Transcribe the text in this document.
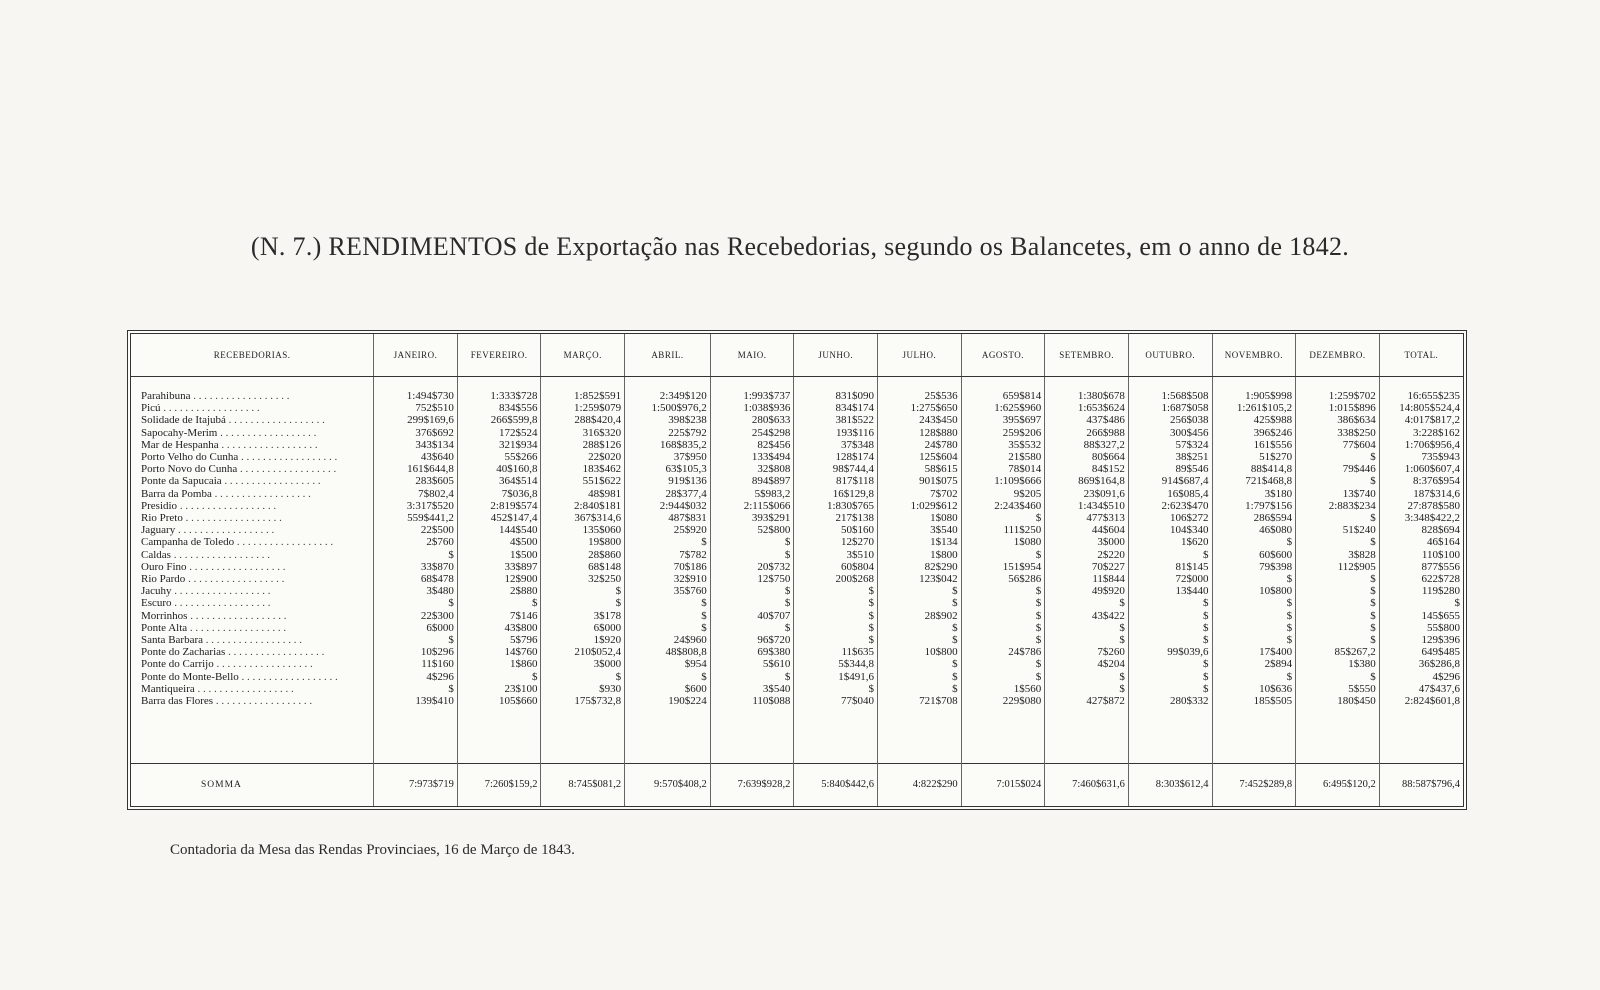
(N. 7.) RENDIMENTOS de Exportação nas Recebedorias, segundo os Balancetes, em o anno de 1842.
RECEBEDORIAS.	JANEIRO.	FEVEREIRO.	MARÇO.	ABRIL.	MAIO.	JUNHO.	JULHO.	AGOSTO.	SETEMBRO.	OUTUBRO.	NOVEMBRO.	DEZEMBRO.	TOTAL.

Parahibuna . . .	1:494$730	1:333$728	1:852$591	2:349$120	1:993$737	831$090	25$536	659$814	1:380$678	1:568$508	1:905$998	1:259$702	16:655$235
Picú . . .	752$510	834$556	1:259$079	1:500$976,2	1:038$936	834$174	1:275$650	1:625$960	1:653$624	1:687$058	1:261$105,2	1:015$896	14:805$524,4
Solidade de Itajubá . . .	299$169,6	266$599,8	288$420,4	398$238	280$633	381$522	243$450	395$697	437$486	256$038	425$988	386$634	4:017$817,2
Sapocahy-Merim . . .	376$692	172$524	316$320	225$792	254$298	193$116	128$880	259$206	266$988	300$456	396$246	338$250	3:228$162
Mar de Hespanha . . .	343$134	321$934	288$126	168$835,2	82$456	37$348	24$780	35$532	88$327,2	57$324	161$556	77$604	1:706$956,4
Porto Velho do Cunha . . .	43$640	55$266	22$020	37$950	133$494	128$174	125$604	21$580	80$664	38$251	51$270	$	735$943
Porto Novo do Cunha . . .	161$644,8	40$160,8	183$462	63$105,3	32$808	98$744,4	58$615	78$014	84$152	89$546	88$414,8	79$446	1:060$607,4
Ponte da Sapucaia . . .	283$605	364$514	551$622	919$136	894$897	817$118	901$075	1:109$666	869$164,8	914$687,4	721$468,8	$	8:376$954
Barra da Pomba . . .	7$802,4	7$036,8	48$981	28$377,4	5$983,2	16$129,8	7$702	9$205	23$091,6	16$085,4	3$180	13$740	187$314,6
Presidio . . .	3:317$520	2:819$574	2:840$181	2:944$032	2:115$066	1:830$765	1:029$612	2:243$460	1:434$510	2:623$470	1:797$156	2:883$234	27:878$580
Rio Preto . . .	559$441,2	452$147,4	367$314,6	487$831	393$291	217$138	1$080	$	477$313	106$272	286$594	$	3:348$422,2
Jaguary . . .	22$500	144$540	135$060	25$920	52$800	50$160	3$540	111$250	44$604	104$340	46$080	51$240	828$694
Campanha de Toledo . . .	2$760	4$500	19$800	$	$	12$270	1$134	1$080	3$000	1$620	$	$	46$164
Caldas . . .	$	1$500	28$860	7$782	$	3$510	1$800	$	2$220	$	60$600	3$828	110$100
Ouro Fino . . .	33$870	33$897	68$148	70$186	20$732	60$804	82$290	151$954	70$227	81$145	79$398	112$905	877$556
Rio Pardo . . .	68$478	12$900	32$250	32$910	12$750	200$268	123$042	56$286	11$844	72$000	$	$	622$728
Jacuhy . . .	3$480	2$880	$	35$760	$	$	$	$	49$920	13$440	10$800	$	119$280
Escuro . . .	$	$	$	$	$	$	$	$	$	$	$	$	$
Morrinhos . . .	22$300	7$146	3$178	$	40$707	$	28$902	$	43$422	$	$	$	145$655
Ponte Alta . . .	6$000	43$800	6$000	$	$	$	$	$	$	$	$	$	55$800
Santa Barbara . . .	$	5$796	1$920	24$960	96$720	$	$	$	$	$	$	$	129$396
Ponte do Zacharias . . .	10$296	14$760	210$052,4	48$808,8	69$380	11$635	10$800	24$786	7$260	99$039,6	17$400	85$267,2	649$485
Ponte do Carrijo . . .	11$160	1$860	3$000	$954	5$610	5$344,8	$	$	4$204	$	2$894	1$380	36$286,8
Ponte do Monte-Bello . . .	4$296	$	$	$	$	1$491,6	$	$	$	$	$	$	4$296
Mantiqueira . . .	$	23$100	$930	$600	3$540	$	$	1$560	$	$	10$636	5$550	47$437,6
Barra das Flores . . .	139$410	105$660	175$732,8	190$224	110$088	77$040	721$708	229$080	427$872	280$332	185$505	180$450	2:824$601,8

SOMMA	7:973$719	7:260$159,2	8:745$081,2	9:570$408,2	7:639$928,2	5:840$442,6	4:822$290	7:015$024	7:460$631,6	8:303$612,4	7:452$289,8	6:495$120,2	88:587$796,4
Contadoria da Mesa das Rendas Provinciaes, 16 de Março de 1843.
